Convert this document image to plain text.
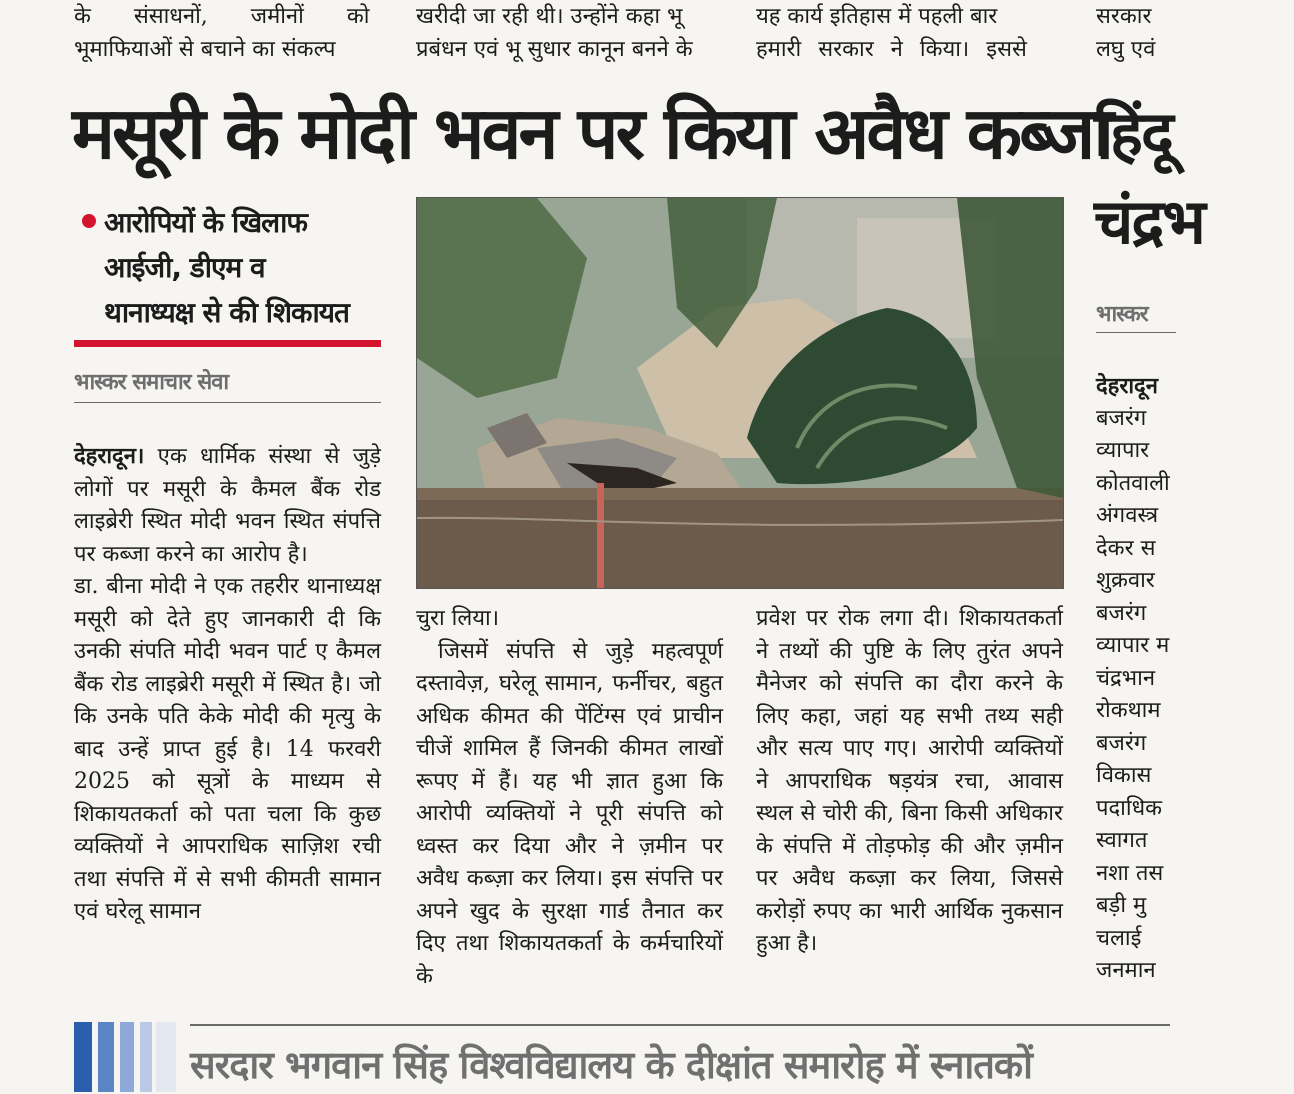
के संसाधनों, जमीनों को
भूमाफियाओं से बचाने का संकल्प
खरीदी जा रही थी। उन्होंने कहा भू
प्रबंधन एवं भू सुधार कानून बनने के
यह कार्य इतिहास में पहली बार
हमारी सरकार ने किया। इससे
सरकार
लघु एवं
मसूरी के मोदी भवन पर किया अवैध कब्जा
हिंदू
चंद्रभ
आरोपियों के खिलाफ
आईजी, डीएम व
थानाध्यक्ष से की शिकायत
भास्कर समाचार सेवा
भास्कर

देहरादून। एक धार्मिक संस्था से जुड़े लोगों पर मसूरी के कैमल बैंक रोड लाइब्रेरी स्थित मोदी भवन स्थित संपत्ति पर कब्जा करने का आरोप है।

डा. बीना मोदी ने एक तहरीर थानाध्यक्ष मसूरी को देते हुए जानकारी दी कि उनकी संपति मोदी भवन पार्ट ए कैमल बैंक रोड लाइब्रेरी मसूरी में स्थित है। जो कि उनके पति केके मोदी की मृत्यु के बाद उन्हें प्राप्त हुई है। 14 फरवरी 2025 को सूत्रों के माध्यम से शिकायतकर्ता को पता चला कि कुछ व्यक्तियों ने आपराधिक साज़िश रची तथा संपत्ति में से सभी कीमती सामान एवं घरेलू सामान

चुरा लिया।

जिसमें संपत्ति से जुड़े महत्वपूर्ण दस्तावेज़, घरेलू सामान, फर्नीचर, बहुत अधिक कीमत की पेंटिंग्स एवं प्राचीन चीजें शामिल हैं जिनकी कीमत लाखों रूपए में हैं। यह भी ज्ञात हुआ कि आरोपी व्यक्तियों ने पूरी संपत्ति को ध्वस्त कर दिया और ने ज़मीन पर अवैध कब्ज़ा कर लिया। इस संपत्ति पर अपने खुद के सुरक्षा गार्ड तैनात कर दिए तथा शिकायतकर्ता के कर्मचारियों के

प्रवेश पर रोक लगा दी। शिकायतकर्ता ने तथ्यों की पुष्टि के लिए तुरंत अपने मैनेजर को संपत्ति का दौरा करने के लिए कहा, जहां यह सभी तथ्य सही और सत्य पाए गए। आरोपी व्यक्तियों ने आपराधिक षड़यंत्र रचा, आवास स्थल से चोरी की, बिना किसी अधिकार के संपत्ति में तोड़फोड़ की और ज़मीन पर अवैध कब्ज़ा कर लिया, जिससे करोड़ों रुपए का भारी आर्थिक नुकसान हुआ है।

देहरादून
बजरंग
व्यापार
कोतवाली
अंगवस्त्र
देकर स
शुक्रवार
बजरंग
व्यापार म
चंद्रभान
रोकथाम
बजरंग
विकास
पदाधिक
स्वागत
नशा तस
बड़ी मु
चलाई
जनमान
सरदार भगवान सिंह विश्वविद्यालय के दीक्षांत समारोह में स्नातकों
